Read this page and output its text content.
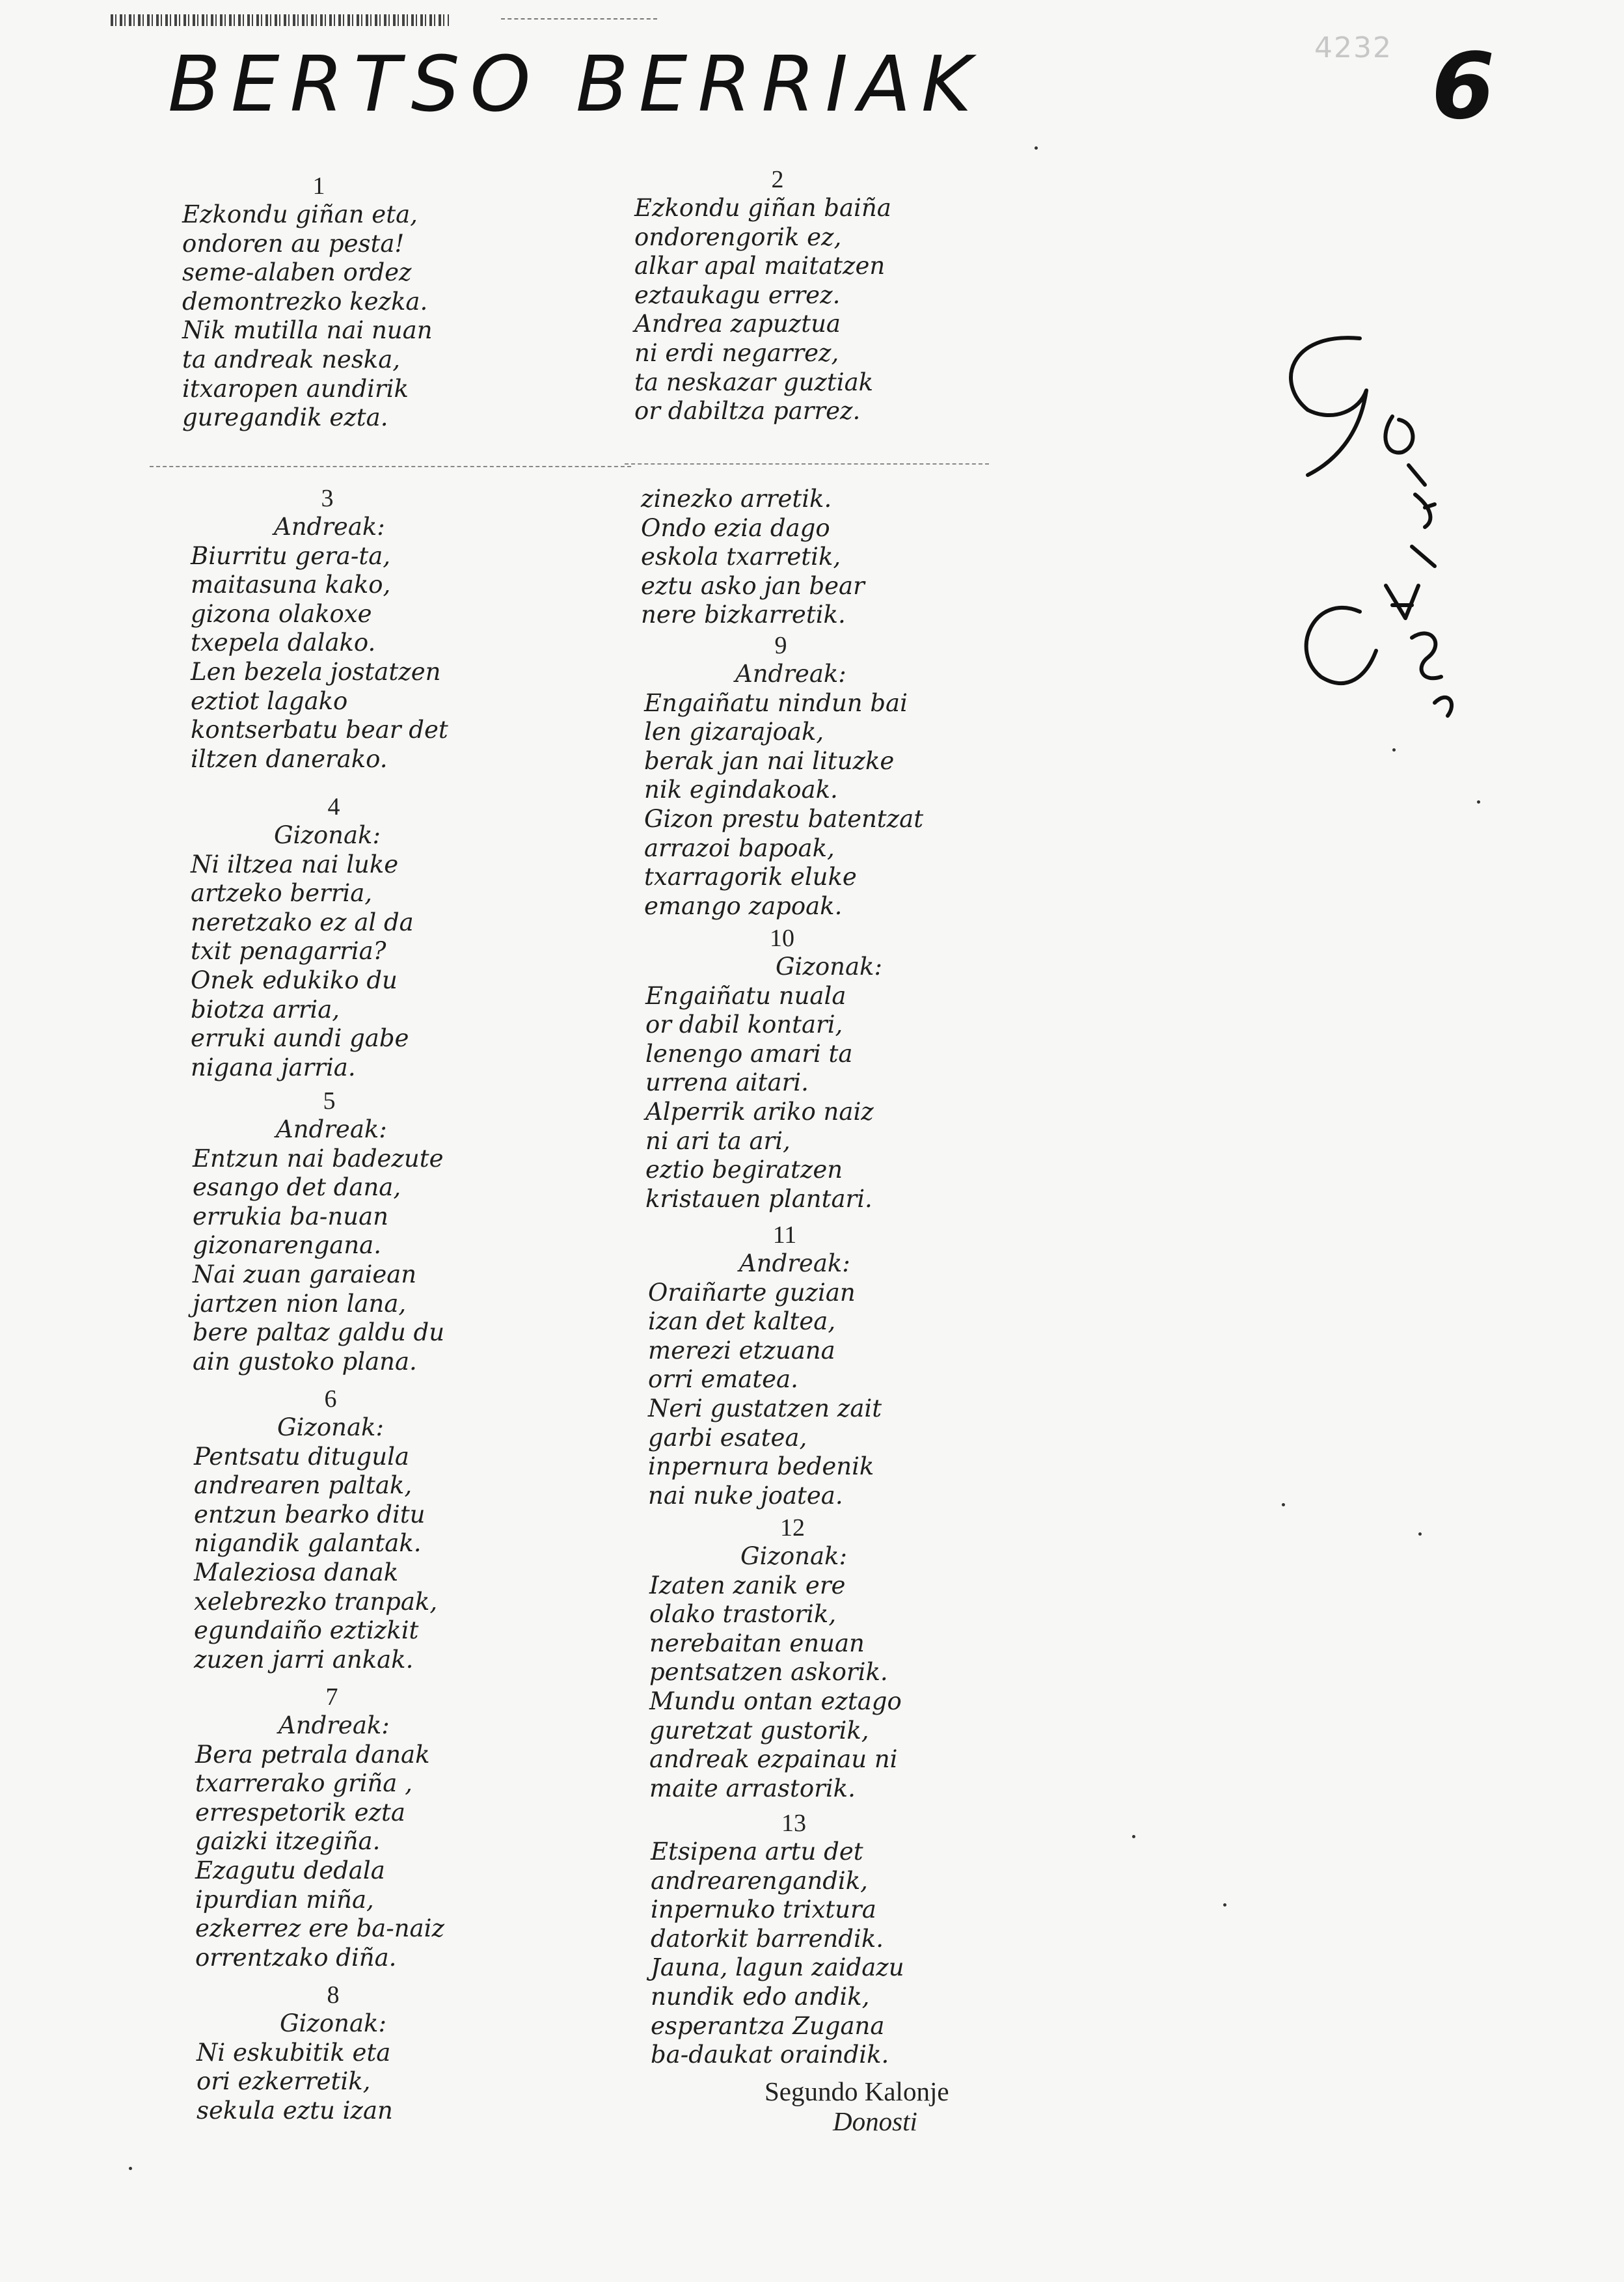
BERTSO BERRIAK	4232 6
1
Ezkondu giñan eta,
ondoren au pesta!
seme-alaben ordez
demontrezko kezka.
Nik mutilla nai nuan
ta andreak neska,
itxaropen aundirik
guregandik ezta.
2
Ezkondu giñan baiña
ondorengorik ez,
alkar apal maitatzen
eztaukagu errez.
Andrea zapuztua
ni erdi negarrez,
ta neskazar guztiak
or dabiltza parrez.
3
Andreak:
Biurritu gera-ta,
maitasuna kako,
gizona olakoxe
txepela dalako.
Len bezela jostatzen
eztiot lagako
kontserbatu bear det
iltzen danerako.
4
Gizonak:
Ni iltzea nai luke
artzeko berria,
neretzako ez al da
txit penagarria?
Onek edukiko du
biotza arria,
erruki aundi gabe
nigana jarria.
5
Andreak:
Entzun nai badezute
esango det dana,
errukia ba-nuan
gizonarengana.
Nai zuan garaiean
jartzen nion lana,
bere paltaz galdu du
ain gustoko plana.
6
Gizonak:
Pentsatu ditugula
andrearen paltak,
entzun bearko ditu
nigandik galantak.
Maleziosa danak
xelebrezko tranpak,
egundaiño eztizkit
zuzen jarri ankak.
7
Andreak:
Bera petrala danak
txarrerako griña ,
errespetorik ezta
gaizki itzegiña.
Ezagutu dedala
ipurdian miña,
ezkerrez ere ba-naiz
orrentzako diña.
8
Gizonak:
Ni eskubitik eta
ori ezkerretik,
sekula eztu izan
zinezko arretik.
Ondo ezia dago
eskola txarretik,
eztu asko jan bear
nere bizkarretik.
9
Andreak:
Engaiñatu nindun bai
len gizarajoak,
berak jan nai lituzke
nik egindakoak.
Gizon prestu batentzat
arrazoi bapoak,
txarragorik eluke
emango zapoak.
10
Gizonak:
Engaiñatu nuala
or dabil kontari,
lenengo amari ta
urrena aitari.
Alperrik ariko naiz
ni ari ta ari,
eztio begiratzen
kristauen plantari.
11
Andreak:
Oraiñarte guzian
izan det kaltea,
merezi etzuana
orri ematea.
Neri gustatzen zait
garbi esatea,
inpernura bedenik
nai nuke joatea.
12
Gizonak:
Izaten zanik ere
olako trastorik,
nerebaitan enuan
pentsatzen askorik.
Mundu ontan eztago
guretzat gustorik,
andreak ezpainau ni
maite arrastorik.
13
Etsipena artu det
andrearengandik,
inpernuko trixtura
datorkit barrendik.
Jauna, lagun zaidazu
nundik edo andik,
esperantza Zugana
ba-daukat oraindik.
Segundo Kalonje
Donosti
